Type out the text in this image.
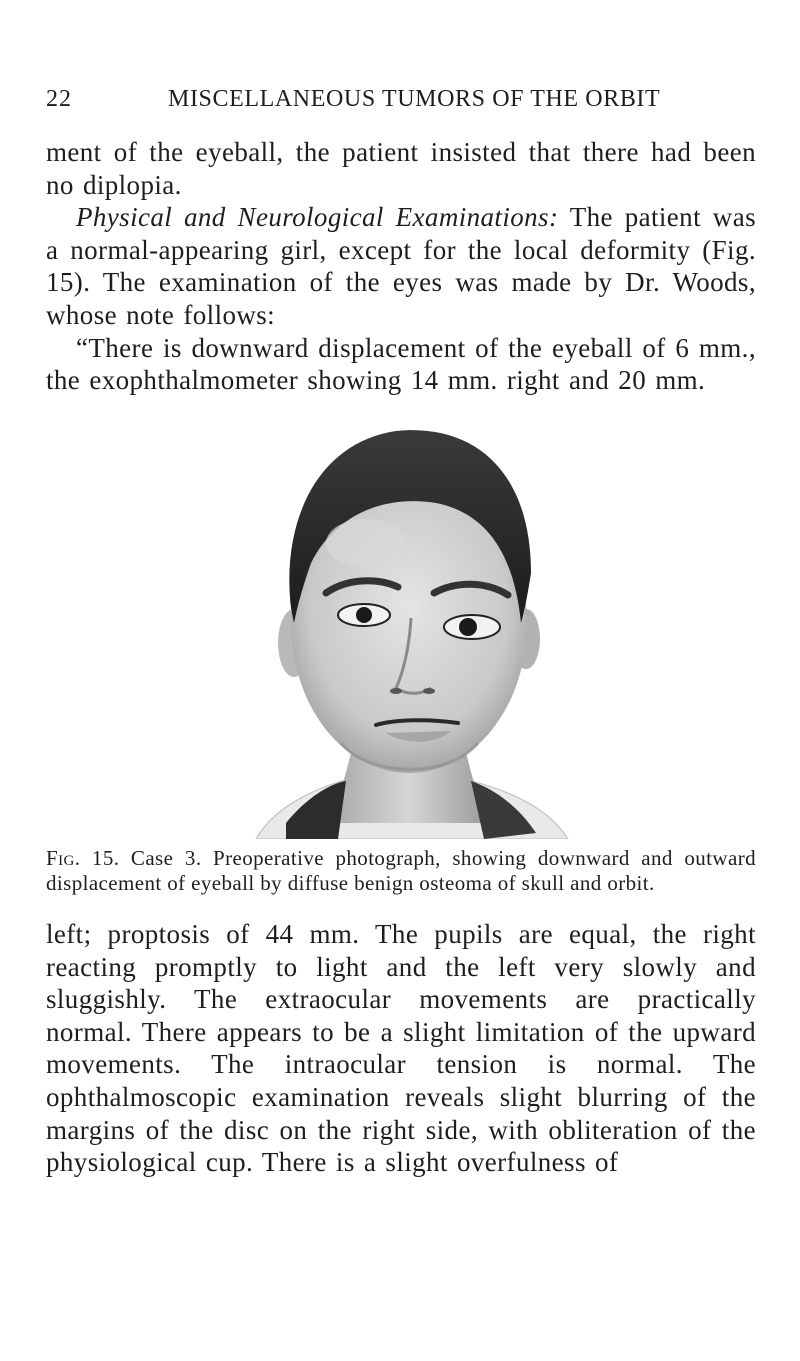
22	MISCELLANEOUS TUMORS OF THE ORBIT

ment of the eyeball, the patient insisted that there had been no diplopia.

Physical and Neurological Examinations: The patient was a normal-appearing girl, except for the local deformity (Fig. 15). The examination of the eyes was made by Dr. Woods, whose note follows:

“There is downward displacement of the eyeball of 6 mm., the exophthalmometer showing 14 mm. right and 20 mm.

Fig. 15. Case 3. Preoperative photograph, showing downward and outward displacement of eyeball by diffuse benign osteoma of skull and orbit.

left; proptosis of 44 mm. The pupils are equal, the right reacting promptly to light and the left very slowly and sluggishly. The extraocular movements are practically normal. There appears to be a slight limitation of the upward movements. The intraocular tension is normal. The ophthalmoscopic examination reveals slight blurring of the margins of the disc on the right side, with obliteration of the physiological cup. There is a slight overfulness of
